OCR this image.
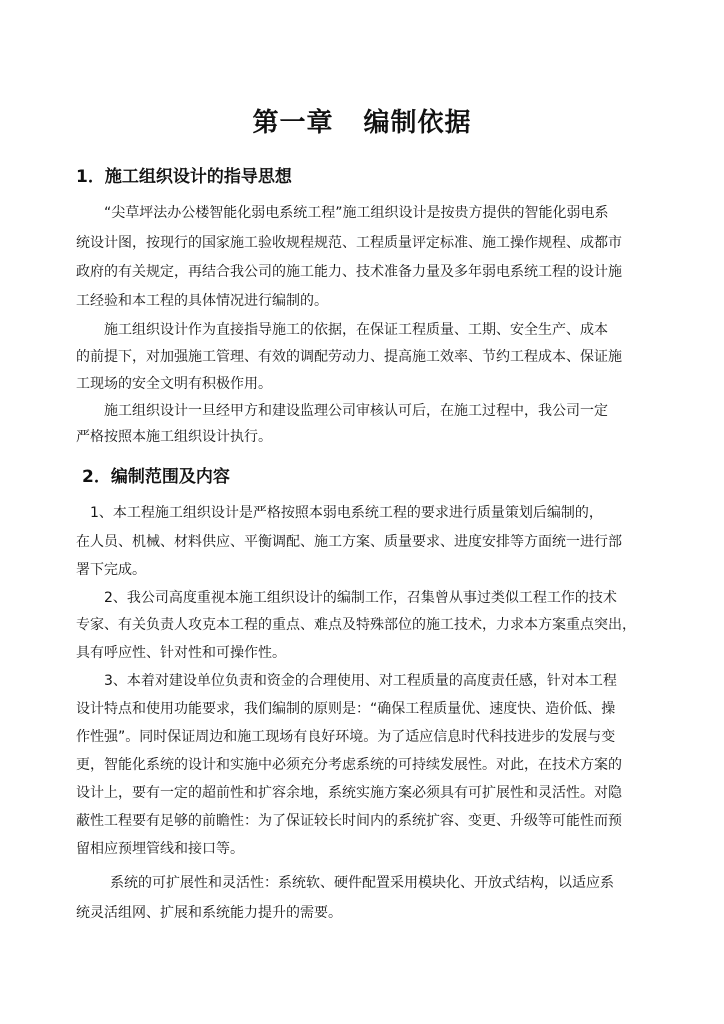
第一章 编制依据
1．施工组织设计的指导思想
“尖草坪法办公楼智能化弱电系统工程”施工组织设计是按贵方提供的智能化弱电系
统设计图，按现行的国家施工验收规程规范、工程质量评定标准、施工操作规程、成都市
政府的有关规定，再结合我公司的施工能力、技术准备力量及多年弱电系统工程的设计施
工经验和本工程的具体情况进行编制的。
施工组织设计作为直接指导施工的依据，在保证工程质量、工期、安全生产、成本
的前提下，对加强施工管理、有效的调配劳动力、提高施工效率、节约工程成本、保证施
工现场的安全文明有积极作用。
施工组织设计一旦经甲方和建设监理公司审核认可后，在施工过程中，我公司一定
严格按照本施工组织设计执行。
2．编制范围及内容
1、本工程施工组织设计是严格按照本弱电系统工程的要求进行质量策划后编制的，
在人员、机械、材料供应、平衡调配、施工方案、质量要求、进度安排等方面统一进行部
署下完成。
2、我公司高度重视本施工组织设计的编制工作，召集曾从事过类似工程工作的技术
专家、有关负责人攻克本工程的重点、难点及特殊部位的施工技术，力求本方案重点突出，
具有呼应性、针对性和可操作性。
3、本着对建设单位负责和资金的合理使用、对工程质量的高度责任感，针对本工程
设计特点和使用功能要求，我们编制的原则是：“确保工程质量优、速度快、造价低、操
作性强”。同时保证周边和施工现场有良好环境。为了适应信息时代科技进步的发展与变
更，智能化系统的设计和实施中必须充分考虑系统的可持续发展性。对此，在技术方案的
设计上，要有一定的超前性和扩容余地，系统实施方案必须具有可扩展性和灵活性。对隐
蔽性工程要有足够的前瞻性：为了保证较长时间内的系统扩容、变更、升级等可能性而预
留相应预埋管线和接口等。
系统的可扩展性和灵活性：系统软、硬件配置采用模块化、开放式结构，以适应系
统灵活组网、扩展和系统能力提升的需要。
